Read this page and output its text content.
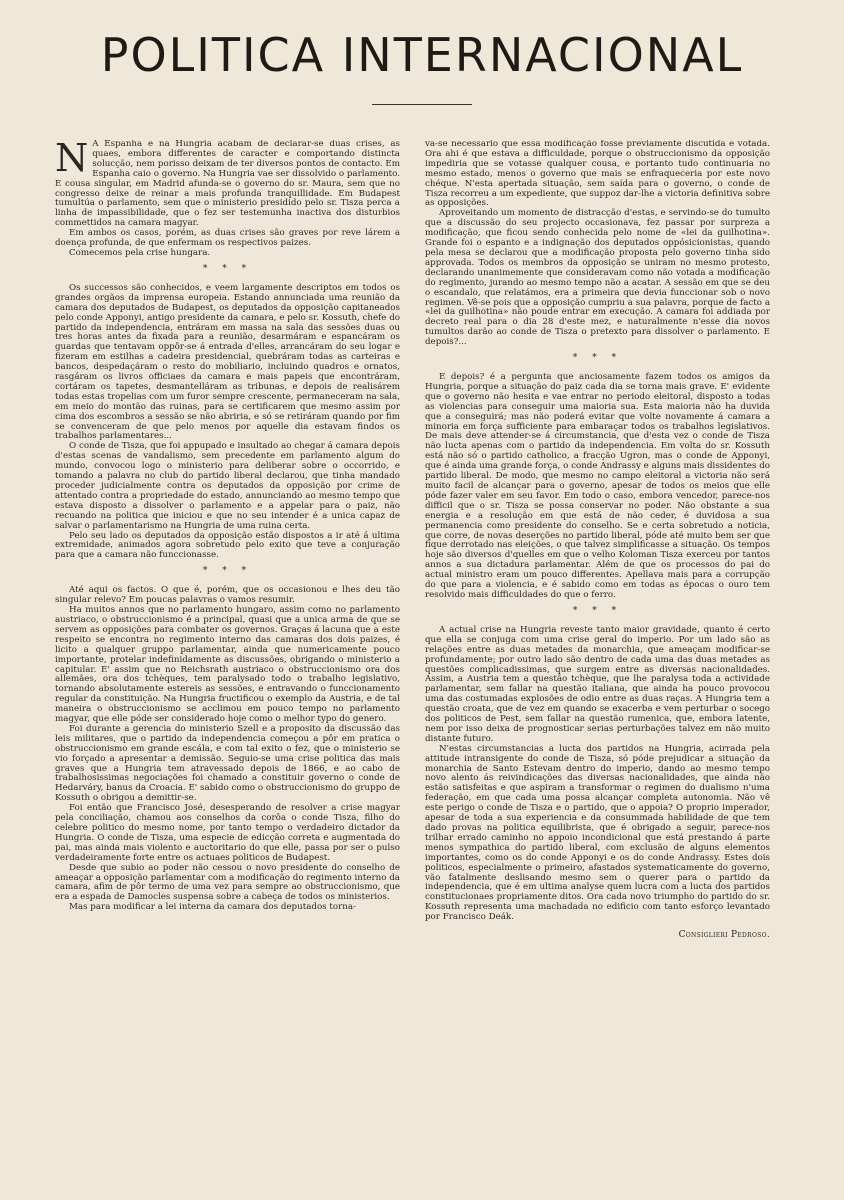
POLITICA INTERNACIONAL

N A Espanha e na Hungria acabam de declarar-se duas crises, as quaes, embora differentes de caracter e comportando distincta solucção, nem porisso deixam de ter diversos pontos de contacto. Em Espanha caio o governo. Na Hungria vae ser dissolvido o parlamento. E cousa singular, em Madrid afunda-se o governo do sr. Maura, sem que no congresso deixe de reinar a mais profunda tranquillidade. Em Budapest tumultúa o parlamento, sem que o ministerio presidido pelo sr. Tisza perca a linha de impassibilidade, que o fez ser testemunha inactiva dos disturbios commettidos na camara magyar.

Em ambos os casos, porém, as duas crises são graves por reve lárem a doença profunda, de que enfermam os respectivos paizes.

Comecemos pela crise hungara.

* * *

Os successos são conhecidos, e veem largamente descriptos em todos os grandes orgãos da imprensa europeia. Estando annunciada uma reunião da camara dos deputados de Budapest, os deputados da opposição capitaneados pelo conde Apponyi, antigo presidente da camara, e pelo sr. Kossuth, chefe do partido da independencia, entráram em massa na sala das sessões duas ou tres horas antes da fixada para a reunião, desarmáram e espancáram os guardas que tentavam oppôr-se á entrada d'elles, arrancáram do seu logar e fizeram em estilhas a cadeira presidencial, quebráram todas as carteiras e bancos, despedaçáram o resto do mobiliario, incluindo quadros e ornatos, rasgáram os livros officiaes da camara e mais papeis que encontráram, cortáram os tapetes, desmantelláram as tribunas, e depois de realisárem todas estas tropelias com um furor sempre crescente, permaneceram na sala, em meio do montão das ruinas, para se certificarem que mesmo assim por cima dos escombros a sessão se não abriria, e só se retiráram quando por fim se convenceram de que pelo menos por aquelle dia estavam findos os trabalhos parlamentares...

O conde de Tisza, que foi appupado e insultado ao chegar á camara depois d'estas scenas de vandalismo, sem precedente em parlamento algum do mundo, convocou logo o ministerio para deliberar sobre o occorrido, e tomando a palavra no club do partido liberal declarou, que tinha mandado proceder judicialmente contra os deputados da opposição por crime de attentado contra a propriedade do estado, annunciando ao mesmo tempo que estava disposto a dissolver o parlamento e a appelar para o paiz, não recuando na politica que iniciou e que no seu intender é a unica capaz de salvar o parlamentarismo na Hungria de uma ruina certa.

Pelo seu lado os deputados da opposição estão dispostos a ir até á ultima extremidade, animados agora sobretudo pelo exito que teve a conjuração para que a camara não funccionasse.

* * *

Até aqui os factos. O que é, porém, que os occasionou e lhes deu tão singular relevo? Em poucas palavras o vamos resumir.

Ha muitos annos que no parlamento hungaro, assim como no parlamento austriaco, o obstruccionismo é a principal, quasi que a unica arma de que se servem as opposições para combater os governos. Graças á lacuna que a este respeito se encontra no regimento interno das camaras dos dois paizes, é licito a qualquer gruppo parlamentar, ainda que numericamente pouco importante, protelar indefinidamente as discussões, obrigando o ministerio a capitular. E' assim que no Reichsrath austriaco o obstruccionismo ora dos allemães, ora dos tchèques, tem paralysado todo o trabalho legislativo, tornando absolutamente estereis as sessões, e entravando o funccionamento regular da constituição. Na Hungria fructificou o exemplo da Austria, e de tal maneira o obstruccionismo se acclimou em pouco tempo no parlamento magyar, que elle póde ser considerado hoje como o melhor typo do genero.

Foi durante a gerencia do ministerio Szell e a proposito da discussão das leis militares, que o partido da independencia começou a pôr em pratica o obstruccionismo em grande escála, e com tal exito o fez, que o ministerio se vio forçado a apresentar a demissão. Seguio-se uma crise politica das mais graves que a Hungria tem atravessado depois de 1866, e ao cabo de trabalhosissimas negociações foi chamado a constituir governo o conde de Hedarváry, banus da Croacia. E' sabido como o obstruccionismo do gruppo de Kossuth o obrigou a demittir-se.

Foi então que Francisco José, desesperando de resolver a crise magyar pela conciliação, chamou aos conselhos da corôa o conde Tisza, filho do celebre politico do mesmo nome, por tanto tempo o verdadeiro dictador da Hungria. O conde de Tisza, uma especie de edicção correta e augmentada do pai, mas ainda mais violento e auctoritario do que elle, passa por ser o pulso verdadeiramente forte entre os actuaes politicos de Budapest.

Desde que subio ao poder não cessou o novo presidente do conselho de ameaçar a opposição parlamentar com a modificação do regimento interno da camara, afim de pôr termo de uma vez para sempre ao obstruccionismo, que era a espada de Damocles suspensa sobre a cabeça de todos os ministerios.

Mas para modificar a lei interna da camara dos deputados torna-

va-se necessario que essa modificação fosse previamente discutida e votada. Ora ahi é que estava a difficuldade, porque o obstruccionismo da opposição impediria que se votasse qualquer cousa, e portanto tudo continuaria no mesmo estado, menos o governo que mais se enfraqueceria por este novo chéque. N'esta apertada situação, sem saída para o governo, o conde de Tisza recorreu a um expediente, que suppoz dar-lhe a victoria definitiva sobre as opposições.

Aproveitando um momento de distracção d'estas, e servindo-se do tumulto que a discussão do seu projecto occasionava, fez passar por surpreza a modificação, que ficou sendo conhecida pelo nome de «lei da guilhotina». Grande foi o espanto e a indignação dos deputados oppósicionistas, quando pela mesa se declarou que a modificação proposta pelo governo tinha sido approvada. Todos os membros da opposição se uniram no mesmo protesto, declarando unanimemente que consideravam como não votada a modificação do regimento, jurando ao mesmo tempo não a acatar. A sessão em que se deu o escandalo, que relatámos, era a primeira que devia funccionar sob o novo regimen. Vê-se pois que a opposição cumpriu a sua palavra, porque de facto a «lei da guilhotina» não poude entrar em execução. A camara foi addiada por decreto real para o dia 28 d'este mez, e naturalmente n'esse dia novos tumultos darão ao conde de Tisza o pretexto para dissolver o parlamento. E depois?...

* * *

E depois? é a pergunta que anciosamente fazem todos os amigos da Hungria, porque a situação do paiz cada dia se torna mais grave. E' evidente que o governo não hesita e vae entrar no periodo eleitoral, disposto a todas as violencias para conseguir uma maioria sua. Esta maioria não ha duvida que a conseguirá; mas não poderá evitar que volte novamente á camara a minoria em força sufficiente para embaraçar todos os trabalhos legislativos. De mais deve attender-se á circumstancia, que d'esta vez o conde de Tisza não lucta apenas com o partido da independencia. Em volta do sr. Kossuth está não só o partido catholico, a fracção Ugron, mas o conde de Apponyi, que é ainda uma grande força, o conde Andrassy e alguns mais dissidentes do partido liberal. De modo, que mesmo no campo eleitoral a victoria não será muito facil de alcançar para o governo, apesar de todos os meios que elle póde fazer valer em seu favor. Em todo o caso, embora vencedor, parece-nos difficil que o sr. Tisza se possa conservar no poder. Não obstante a sua energia e a resolução em que está de não ceder, é duvidosa a sua permanencia como presidente do conselho. Se e certa sobretudo a noticia, que corre, de novas deserções no partido liberal, póde até muito bem ser que fique derrotado nas eleições, o que talvez simplificasse a situação. Os tempos hoje são diversos d'quelles em que o velho Koloman Tisza exerceu por tantos annos a sua dictadura parlamentar. Além de que os processos do pai do actual ministro eram um pouco differentes. Apellava mais para a corrupção do que para a violencia, e é sabido como em todas as épocas o ouro tem resolvido mais difficuldades do que o ferro.

* * *

A actual crise na Hungria reveste tanto maior gravidade, quanto é certo que ella se conjuga com uma crise geral do imperio. Por um lado são as relações entre as duas metades da monarchia, que ameaçam modificar-se profundamente; por outro lado são dentro de cada uma das duas metades as questões complicadissimas, que surgem entre as diversas nacionalidades. Assim, a Austria tem a questão tchèque, que lhe paralysa toda a actividade parlamentar, sem fallar na questão italiana, que ainda ha pouco provocou uma das costumadas explosões de odio entre as duas raças. A Hungria tem a questão croata, que de vez em quando se exacerba e vem perturbar o socego dos politicos de Pest, sem fallar na questão rumenica, que, embora latente, nem por isso deixa de prognosticar serias perturbações talvez em não muito distante futuro.

N'estas circumstancias a lucta dos partidos na Hungria, acirrada pela attitude intransigente do conde de Tisza, só póde prejudicar a situação da monarchia de Santo Estevam dentro do imperio, dando ao mesmo tempo novo alento ás reivindicações das diversas nacionalidades, que ainda não estão satisfeitas e que aspiram a transformar o regimen do dualismo n'uma federação, em que cada uma possa alcançar completa autonomia. Não vê este perigo o conde de Tisza e o partido, que o appoia? O proprio imperador, apesar de toda a sua experiencia e da consummada habilidade de que tem dado provas na politica equilibrista, que é obrigado a seguir, parece-nos trilhar errado caminho no appoio incondicional que está prestando á parte menos sympathica do partido liberal, com exclusão de alguns elementos importantes, como os do conde Apponyi e os do conde Andrassy. Estes dois politicos, especialmente o primeiro, afastados systematicamente do governo, vão fatalmente deslisando mesmo sem o querer para o partido da independencia, que é em ultima analyse quem lucra com a lucta dos partidos constitucionaes propriamente ditos. Ora cada novo triumpho do partido do sr. Kossuth representa uma machadada no edificio com tanto esforço levantado por Francisco Deák.

Consiglieri Pedroso.
